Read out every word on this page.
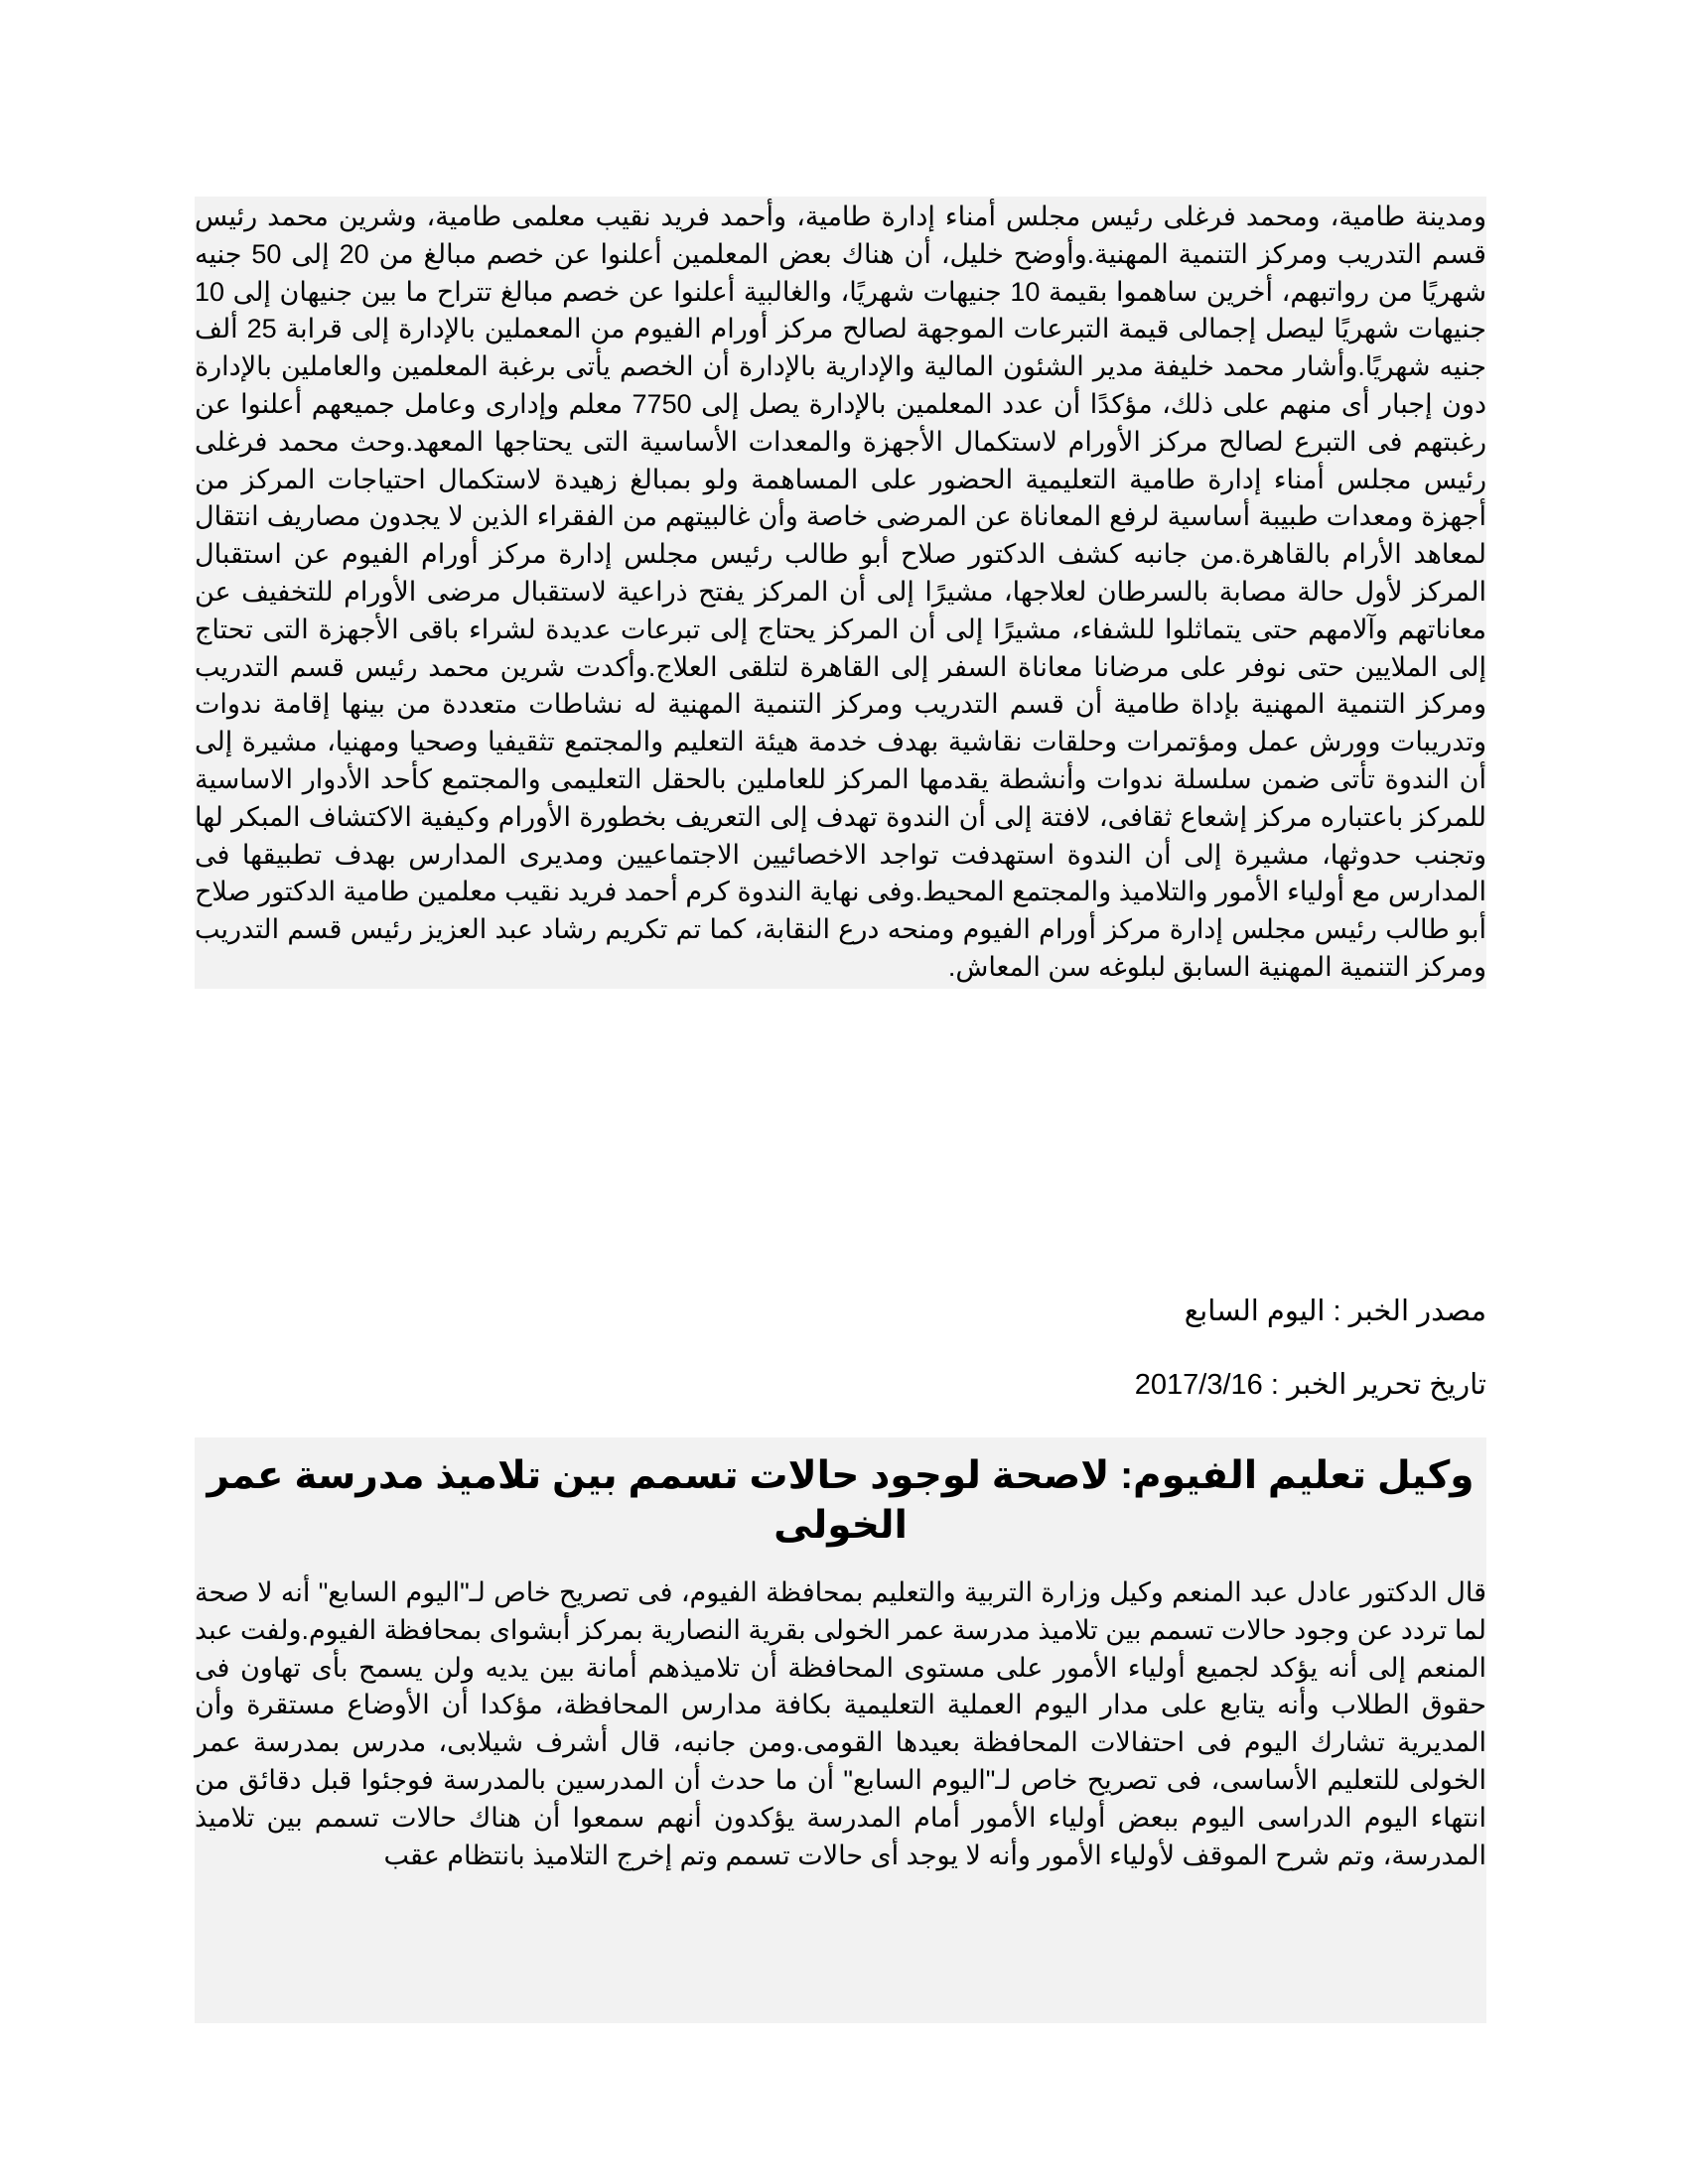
ومدينة طامية، ومحمد فرغلى رئيس مجلس أمناء إدارة طامية، وأحمد فريد نقيب معلمى طامية، وشرين محمد رئيس قسم التدريب ومركز التنمية المهنية.وأوضح خليل، أن هناك بعض المعلمين أعلنوا عن خصم مبالغ من 20 إلى 50 جنيه شهريًا من رواتبهم، أخرين ساهموا بقيمة 10 جنيهات شهريًا، والغالبية أعلنوا عن خصم مبالغ تتراح ما بين جنيهان إلى 10 جنيهات شهريًا ليصل إجمالى قيمة التبرعات الموجهة لصالح مركز أورام الفيوم من المعملين بالإدارة إلى قرابة 25 ألف جنيه شهريًا.وأشار محمد خليفة مدير الشئون المالية والإدارية بالإدارة أن الخصم يأتى برغبة المعلمين والعاملين بالإدارة دون إجبار أى منهم على ذلك، مؤكدًا أن عدد المعلمين بالإدارة يصل إلى 7750 معلم وإدارى وعامل جميعهم أعلنوا عن رغبتهم فى التبرع لصالح مركز الأورام لاستكمال الأجهزة والمعدات الأساسية التى يحتاجها المعهد.وحث محمد فرغلى رئيس مجلس أمناء إدارة طامية التعليمية الحضور على المساهمة ولو بمبالغ زهيدة لاستكمال احتياجات المركز من أجهزة ومعدات طبيبة أساسية لرفع المعاناة عن المرضى خاصة وأن غالبيتهم من الفقراء الذين لا يجدون مصاريف انتقال لمعاهد الأرام بالقاهرة.من جانبه كشف الدكتور صلاح أبو طالب رئيس مجلس إدارة مركز أورام الفيوم عن استقبال المركز لأول حالة مصابة بالسرطان لعلاجها، مشيرًا إلى أن المركز يفتح ذراعية لاستقبال مرضى الأورام للتخفيف عن معاناتهم وآلامهم حتى يتماثلوا للشفاء، مشيرًا إلى أن المركز يحتاج إلى تبرعات عديدة لشراء باقى الأجهزة التى تحتاج إلى الملايين حتى نوفر على مرضانا معاناة السفر إلى القاهرة لتلقى العلاج.وأكدت شرين محمد رئيس قسم التدريب ومركز التنمية المهنية بإداة طامية أن قسم التدريب ومركز التنمية المهنية له نشاطات متعددة من بينها إقامة ندوات وتدريبات وورش عمل ومؤتمرات وحلقات نقاشية بهدف خدمة هيئة التعليم والمجتمع تثقيفيا وصحيا ومهنيا، مشيرة إلى أن الندوة تأتى ضمن سلسلة ندوات وأنشطة يقدمها المركز للعاملين بالحقل التعليمى والمجتمع كأحد الأدوار الاساسية للمركز باعتباره مركز إشعاع ثقافى، لافتة إلى أن الندوة تهدف إلى التعريف بخطورة الأورام وكيفية الاكتشاف المبكر لها وتجنب حدوثها، مشيرة إلى أن الندوة استهدفت تواجد الاخصائيين الاجتماعيين ومديرى المدارس بهدف تطبيقها فى المدارس مع أولياء الأمور والتلاميذ والمجتمع المحيط.وفى نهاية الندوة كرم أحمد فريد نقيب معلمين طامية الدكتور صلاح أبو طالب رئيس مجلس إدارة مركز أورام الفيوم ومنحه درع النقابة، كما تم تكريم رشاد عبد العزيز رئيس قسم التدريب ومركز التنمية المهنية السابق لبلوغه سن المعاش.

مصدر الخبر : اليوم السابع
تاريخ تحرير الخبر : 2017/3/16
وكيل تعليم الفيوم: لاصحة لوجود حالات تسمم بين تلاميذ مدرسة عمر الخولى

قال الدكتور عادل عبد المنعم وكيل وزارة التربية والتعليم بمحافظة الفيوم، فى تصريح خاص لـ"اليوم السابع" أنه لا صحة لما تردد عن وجود حالات تسمم بين تلاميذ مدرسة عمر الخولى بقرية النصارية بمركز أبشواى بمحافظة الفيوم.ولفت عبد المنعم إلى أنه يؤكد لجميع أولياء الأمور على مستوى المحافظة أن تلاميذهم أمانة بين يديه ولن يسمح بأى تهاون فى حقوق الطلاب وأنه يتابع على مدار اليوم العملية التعليمية بكافة مدارس المحافظة، مؤكدا أن الأوضاع مستقرة وأن المديرية تشارك اليوم فى احتفالات المحافظة بعيدها القومى.ومن جانبه، قال أشرف شيلابى، مدرس بمدرسة عمر الخولى للتعليم الأساسى، فى تصريح خاص لـ"اليوم السابع" أن ما حدث أن المدرسين بالمدرسة فوجئوا قبل دقائق من انتهاء اليوم الدراسى اليوم ببعض أولياء الأمور أمام المدرسة يؤكدون أنهم سمعوا أن هناك حالات تسمم بين تلاميذ المدرسة، وتم شرح الموقف لأولياء الأمور وأنه لا يوجد أى حالات تسمم وتم إخرج التلاميذ بانتظام عقب
